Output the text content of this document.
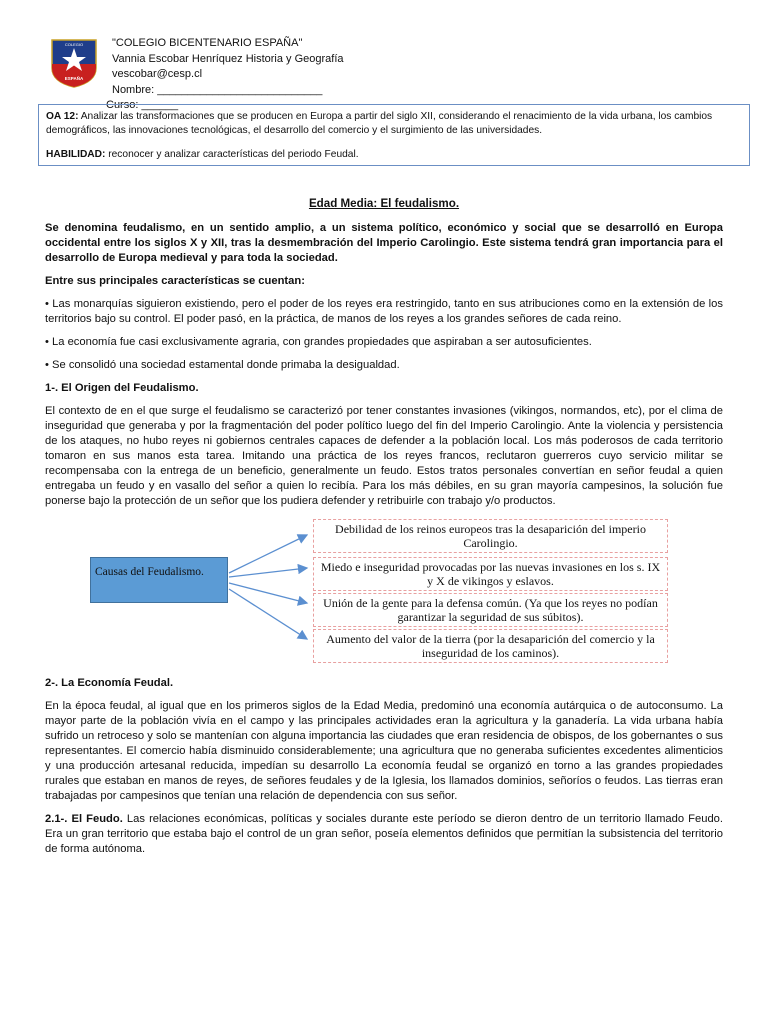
COLEGIO
ESPAÑA
"COLEGIO BICENTENARIO ESPAÑA"
Vannia Escobar Henríquez Historia y Geografía
vescobar@cesp.cl
Nombre: ___________________________
Curso: ______
OA 12: Analizar las transformaciones que se producen en Europa a partir del siglo XII, considerando el renacimiento de la vida urbana, los cambios demográficos, las innovaciones tecnológicas, el desarrollo del comercio y el surgimiento de las universidades.
HABILIDAD: reconocer y analizar características del periodo Feudal.
Edad Media: El feudalismo.

Se denomina feudalismo, en un sentido amplio, a un sistema político, económico y social que se desarrolló en Europa occidental entre los siglos X y XII, tras la desmembración del Imperio Carolingio. Este sistema tendrá gran importancia para el desarrollo de Europa medieval y para toda la sociedad.

Entre sus principales características se cuentan:

• Las monarquías siguieron existiendo, pero el poder de los reyes era restringido, tanto en sus atribuciones como en la extensión de los territorios bajo su control. El poder pasó, en la práctica, de manos de los reyes a los grandes señores de cada reino.

• La economía fue casi exclusivamente agraria, con grandes propiedades que aspiraban a ser autosuficientes.

• Se consolidó una sociedad estamental donde primaba la desigualdad.

1-. El Origen del Feudalismo.

El contexto de en el que surge el feudalismo se caracterizó por tener constantes invasiones (vikingos, normandos, etc), por el clima de inseguridad que generaba y por la fragmentación del poder político luego del fin del Imperio Carolingio. Ante la violencia y persistencia de los ataques, no hubo reyes ni gobiernos centrales capaces de defender a la población local. Los más poderosos de cada territorio tomaron en sus manos esta tarea. Imitando una práctica de los reyes francos, reclutaron guerreros cuyo servicio militar se recompensaba con la entrega de un beneficio, generalmente un feudo. Estos tratos personales convertían en señor feudal a quien entregaba un feudo y en vasallo del señor a quien lo recibía. Para los más débiles, en su gran mayoría campesinos, la solución fue ponerse bajo la protección de un señor que los pudiera defender y retribuirle con trabajo y/o productos.

Causas del Feudalismo.
Debilidad de los reinos europeos tras la desaparición del imperio Carolingio.
Miedo e inseguridad provocadas por las nuevas invasiones en los s. IX y X de vikingos y eslavos.
Unión de la gente para la defensa común. (Ya que los reyes no podían garantizar la seguridad de sus súbitos).
Aumento del valor de la tierra (por la desaparición del comercio y la inseguridad de los caminos).

2-. La Economía Feudal.

En la época feudal, al igual que en los primeros siglos de la Edad Media, predominó una economía autárquica o de autoconsumo. La mayor parte de la población vivía en el campo y las principales actividades eran la agricultura y la ganadería. La vida urbana había sufrido un retroceso y solo se mantenían con alguna importancia las ciudades que eran residencia de obispos, de los gobernantes o sus representantes. El comercio había disminuido considerablemente; una agricultura que no generaba suficientes excedentes alimenticios y una producción artesanal reducida, impedían su desarrollo La economía feudal se organizó en torno a las grandes propiedades rurales que estaban en manos de reyes, de señores feudales y de la Iglesia, los llamados dominios, señoríos o feudos. Las tierras eran trabajadas por campesinos que tenían una relación de dependencia con sus señor.

2.1-. El Feudo. Las relaciones económicas, políticas y sociales durante este período se dieron dentro de un territorio llamado Feudo. Era un gran territorio que estaba bajo el control de un gran señor, poseía elementos definidos que permitían la subsistencia del territorio de forma autónoma.
